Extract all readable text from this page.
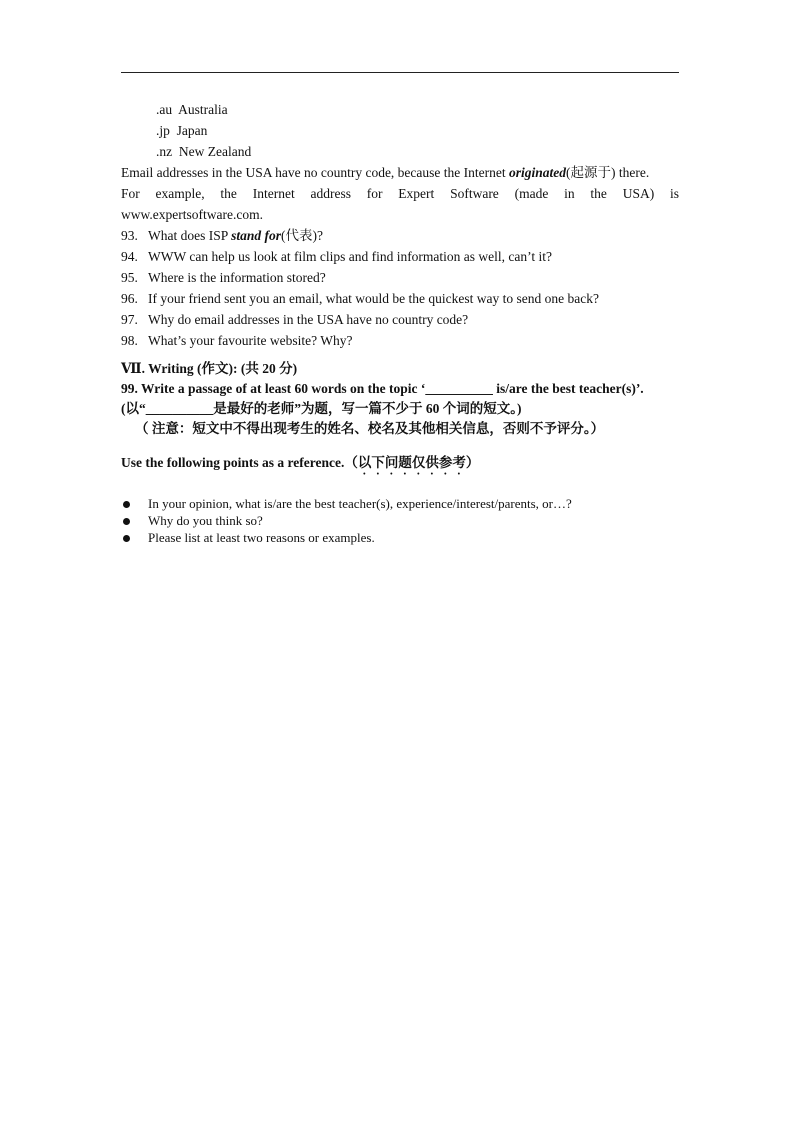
.au Australia
.jp Japan
.nz New Zealand
Email addresses in the USA have no country code, because the Internet originated(起源于) there.
For example, the Internet address for Expert Software (made in the USA) is
www.expertsoftware.com.
93. What does ISP stand for(代表)?
94. WWW can help us look at film clips and find information as well, can’t it?
95. Where is the information stored?
96. If your friend sent you an email, what would be the quickest way to send one back?
97. Why do email addresses in the USA have no country code?
98. What’s your favourite website? Why?
Ⅶ. Writing (作文): (共 20 分)
99. Write a passage of at least 60 words on the topic ‘__________ is/are the best teacher(s)’.
(以“__________是最好的老师”为题，写一篇不少于 60 个词的短文。)
（ 注意：短文中不得出现考生的姓名、校名及其他相关信息，否则不予评分。）
Use the following points as a reference.（以下问题仅供参考）
In your opinion, what is/are the best teacher(s), experience/interest/parents, or…?
Why do you think so?
Please list at least two reasons or examples.
